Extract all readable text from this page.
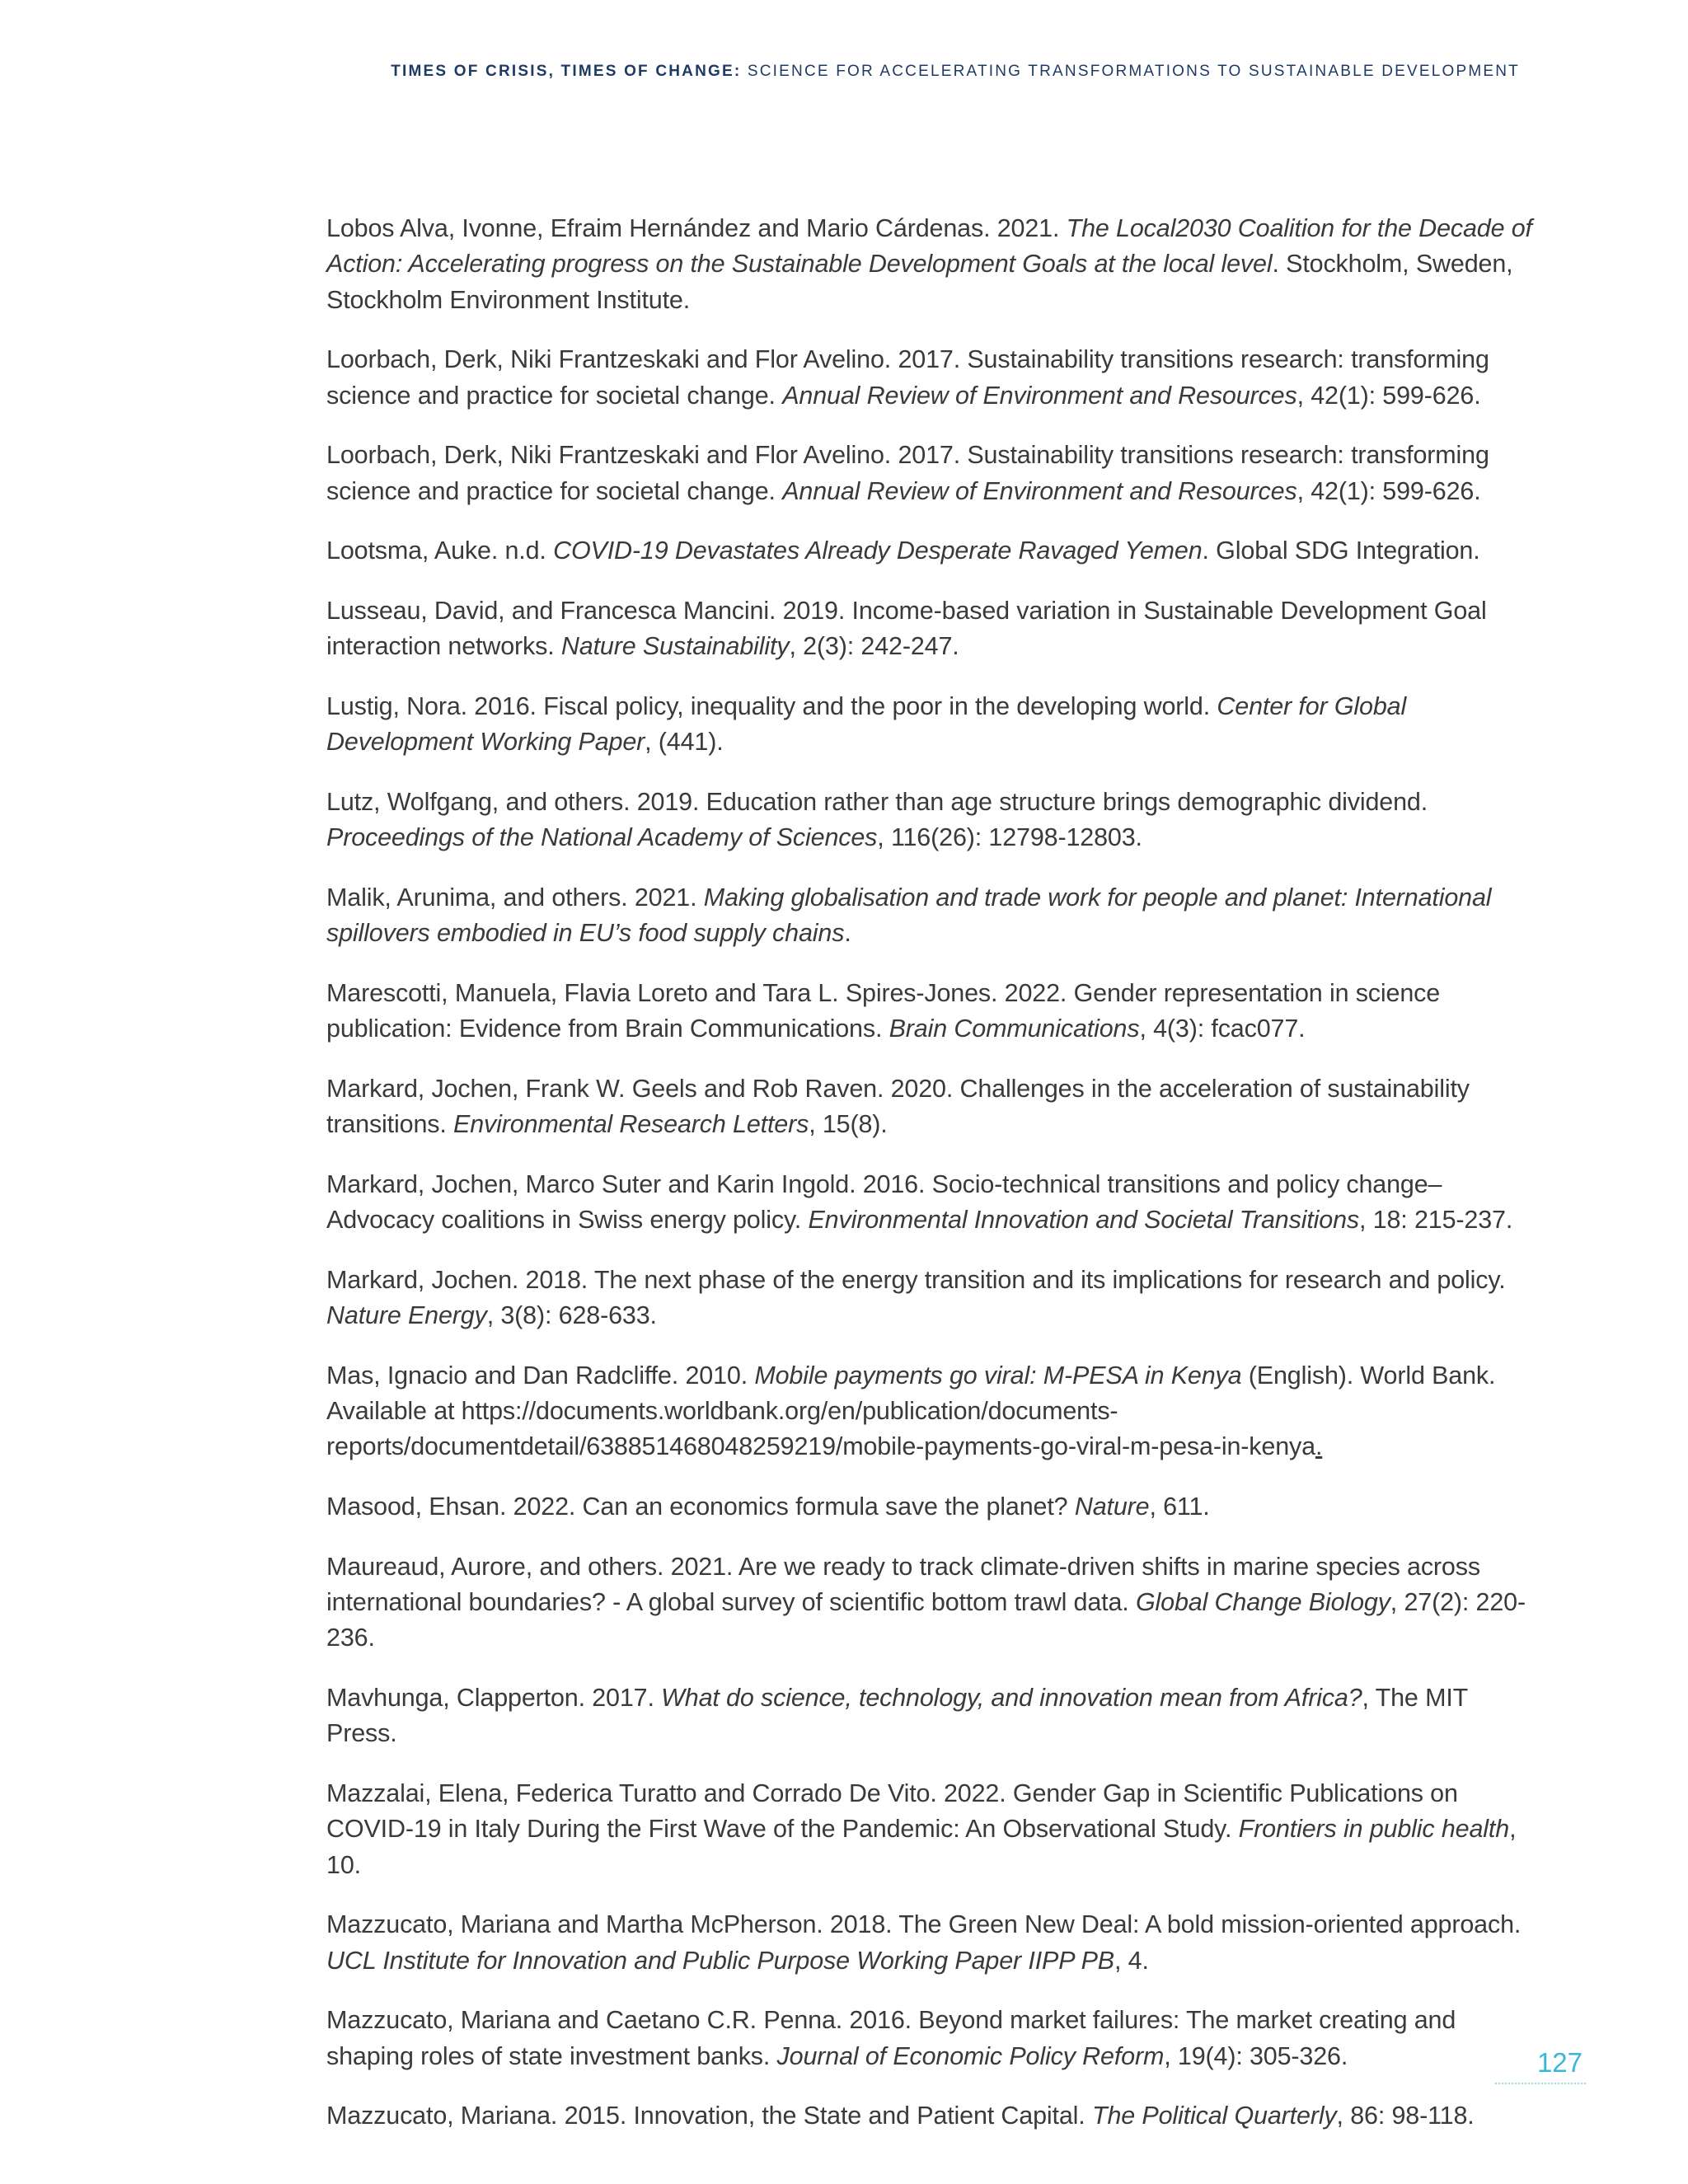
TIMES OF CRISIS, TIMES OF CHANGE: SCIENCE FOR ACCELERATING TRANSFORMATIONS TO SUSTAINABLE DEVELOPMENT

Lobos Alva, Ivonne, Efraim Hernández and Mario Cárdenas. 2021. The Local2030 Coalition for the Decade of Action: Accelerating progress on the Sustainable Development Goals at the local level. Stockholm, Sweden, Stockholm Environment Institute.

Loorbach, Derk, Niki Frantzeskaki and Flor Avelino. 2017. Sustainability transitions research: transforming science and practice for societal change. Annual Review of Environment and Resources, 42(1): 599-626.

Loorbach, Derk, Niki Frantzeskaki and Flor Avelino. 2017. Sustainability transitions research: transforming science and practice for societal change. Annual Review of Environment and Resources, 42(1): 599-626.

Lootsma, Auke. n.d. COVID-19 Devastates Already Desperate Ravaged Yemen. Global SDG Integration.

Lusseau, David, and Francesca Mancini. 2019. Income-based variation in Sustainable Development Goal interaction networks. Nature Sustainability, 2(3): 242-247.

Lustig, Nora. 2016. Fiscal policy, inequality and the poor in the developing world. Center for Global Development Working Paper, (441).

Lutz, Wolfgang, and others. 2019. Education rather than age structure brings demographic dividend. Proceedings of the National Academy of Sciences, 116(26): 12798-12803.

Malik, Arunima, and others. 2021. Making globalisation and trade work for people and planet: International spillovers embodied in EU’s food supply chains.

Marescotti, Manuela, Flavia Loreto and Tara L. Spires-Jones. 2022. Gender representation in science publication: Evidence from Brain Communications. Brain Communications, 4(3): fcac077.

Markard, Jochen, Frank W. Geels and Rob Raven. 2020. Challenges in the acceleration of sustainability transitions. Environmental Research Letters, 15(8).

Markard, Jochen, Marco Suter and Karin Ingold. 2016. Socio-technical transitions and policy change–Advocacy coalitions in Swiss energy policy. Environmental Innovation and Societal Transitions, 18: 215-237.

Markard, Jochen. 2018. The next phase of the energy transition and its implications for research and policy. Nature Energy, 3(8): 628-633.

Mas, Ignacio and Dan Radcliffe. 2010. Mobile payments go viral: M-PESA in Kenya (English). World Bank. Available at https://documents.worldbank.org/en/publication/documents-reports/documentdetail/638851468048259219/mobile-payments-go-viral-m-pesa-in-kenya.

Masood, Ehsan. 2022. Can an economics formula save the planet? Nature, 611.

Maureaud, Aurore, and others. 2021. Are we ready to track climate-driven shifts in marine species across international boundaries? - A global survey of scientific bottom trawl data. Global Change Biology, 27(2): 220-236.

Mavhunga, Clapperton. 2017. What do science, technology, and innovation mean from Africa?, The MIT Press.

Mazzalai, Elena, Federica Turatto and Corrado De Vito. 2022. Gender Gap in Scientific Publications on COVID-19 in Italy During the First Wave of the Pandemic: An Observational Study. Frontiers in public health, 10.

Mazzucato, Mariana and Martha McPherson. 2018. The Green New Deal: A bold mission-oriented approach. UCL Institute for Innovation and Public Purpose Working Paper IIPP PB, 4.

Mazzucato, Mariana and Caetano C.R. Penna. 2016. Beyond market failures: The market creating and shaping roles of state investment banks. Journal of Economic Policy Reform, 19(4): 305-326.

Mazzucato, Mariana. 2015. Innovation, the State and Patient Capital. The Political Quarterly, 86: 98-118.

127
